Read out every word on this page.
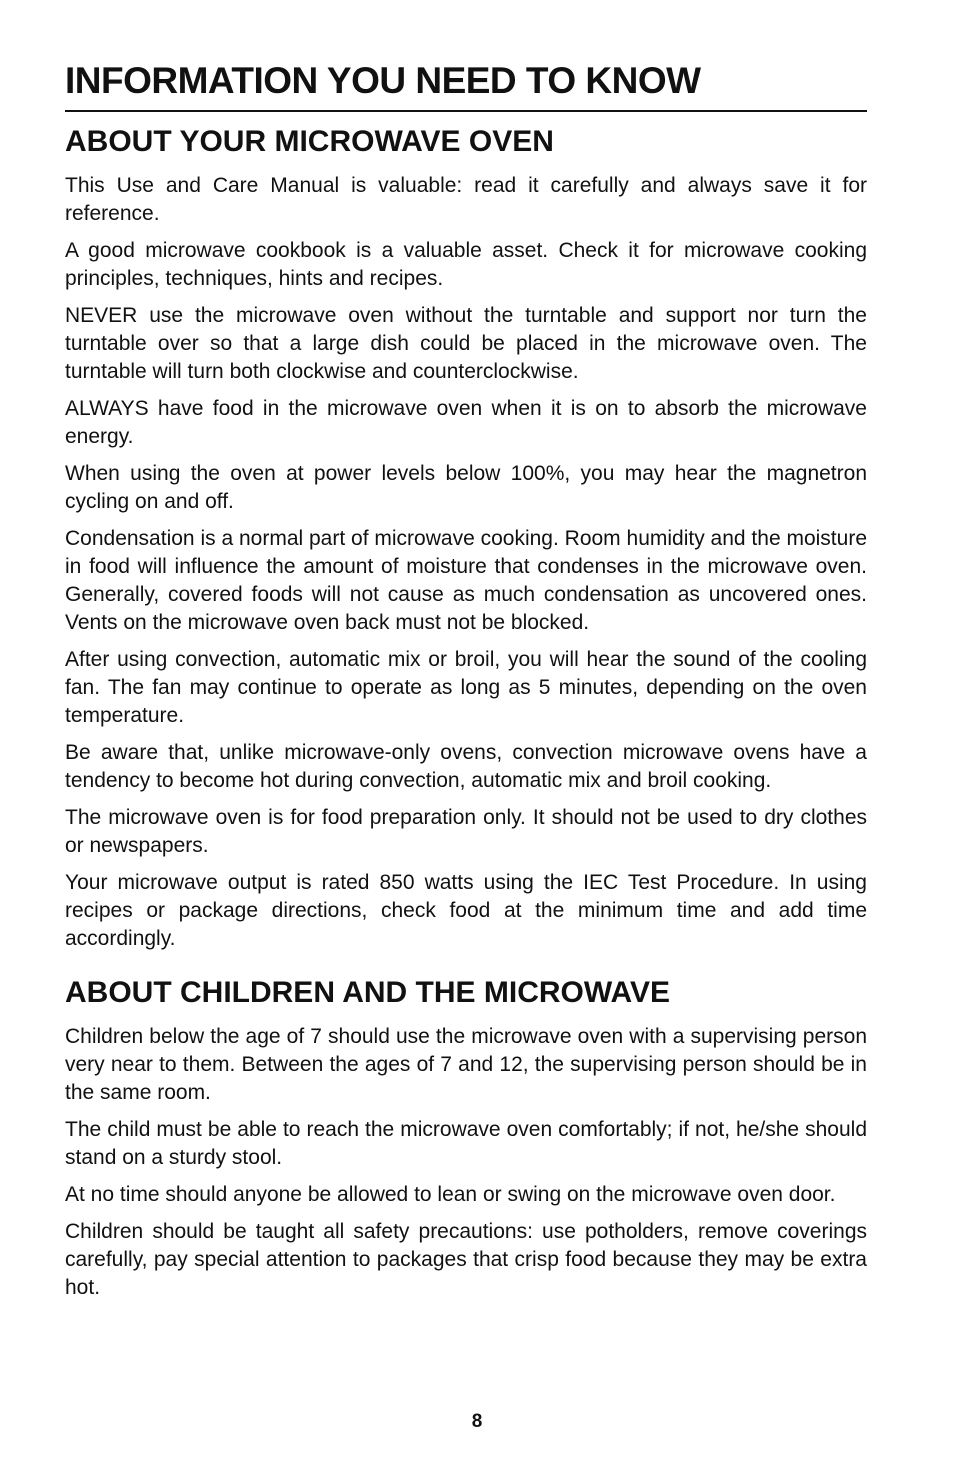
INFORMATION YOU NEED TO KNOW
ABOUT YOUR MICROWAVE OVEN

This Use and Care Manual is valuable: read it carefully and always save it for reference.

A good microwave cookbook is a valuable asset. Check it for microwave cooking principles, techniques, hints and recipes.

NEVER use the microwave oven without the turntable and support nor turn the turntable over so that a large dish could be placed in the microwave oven. The turntable will turn both clockwise and counterclockwise.

ALWAYS have food in the microwave oven when it is on to absorb the microwave energy.

When using the oven at power levels below 100%, you may hear the magnetron cycling on and off.

Condensation is a normal part of microwave cooking. Room humidity and the moisture in food will influence the amount of moisture that condenses in the microwave oven. Generally, covered foods will not cause as much condensation as uncovered ones. Vents on the microwave oven back must not be blocked.

After using convection, automatic mix or broil, you will hear the sound of the cooling fan. The fan may continue to operate as long as 5 minutes, depending on the oven temperature.

Be aware that, unlike microwave-only ovens, convection microwave ovens have a tendency to become hot during convection, automatic mix and broil cooking.

The microwave oven is for food preparation only. It should not be used to dry clothes or newspapers.

Your microwave output is rated 850 watts using the IEC Test Procedure. In using recipes or package directions, check food at the minimum time and add time accordingly.

ABOUT CHILDREN AND THE MICROWAVE

Children below the age of 7 should use the microwave oven with a supervising person very near to them. Between the ages of 7 and 12, the supervising person should be in the same room.

The child must be able to reach the microwave oven comfortably; if not, he/she should stand on a sturdy stool.

At no time should anyone be allowed to lean or swing on the microwave oven door.

Children should be taught all safety precautions: use potholders, remove coverings carefully, pay special attention to packages that crisp food because they may be extra hot.

8
